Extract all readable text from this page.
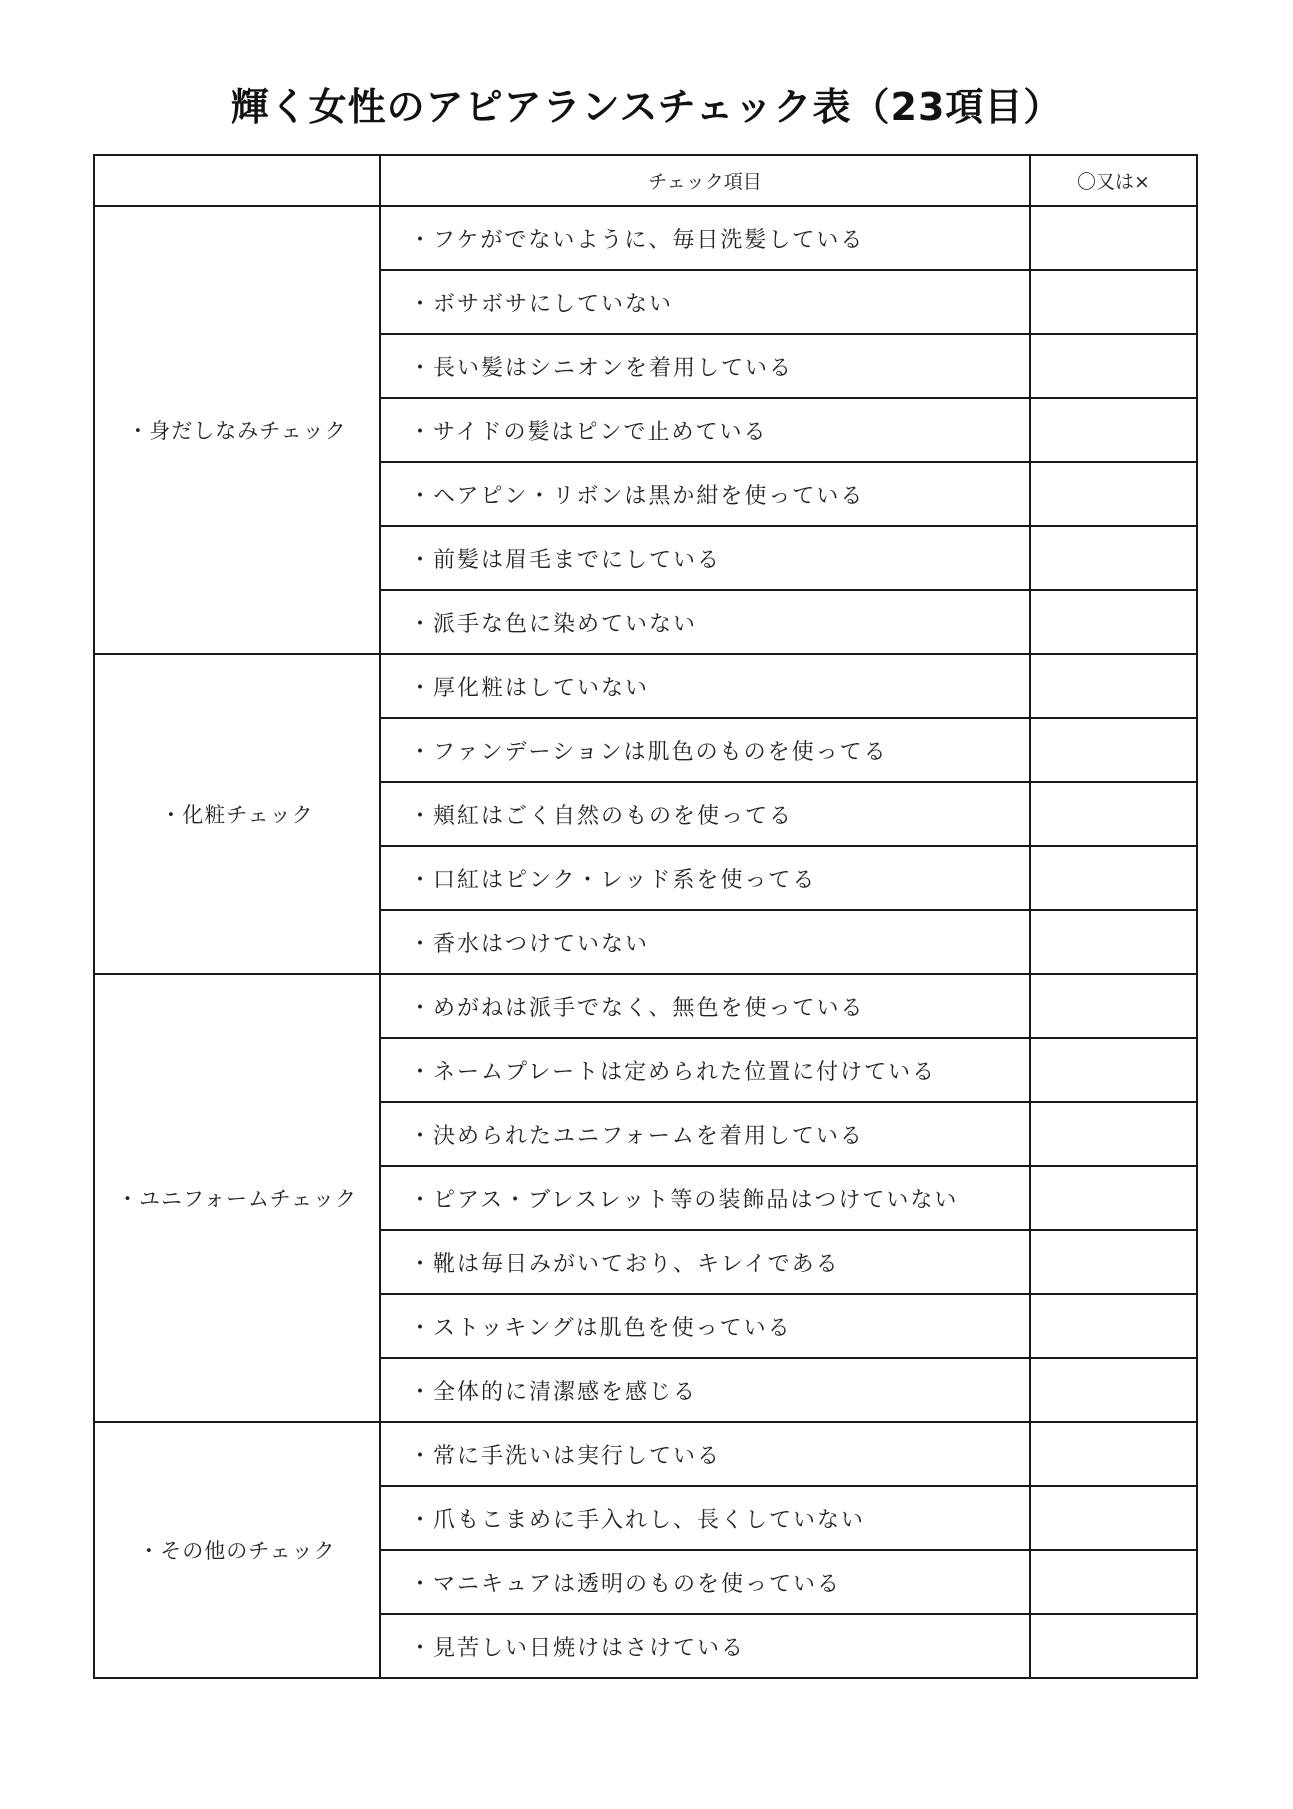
輝く女性のアピアランスチェック表（23項目）
	チェック項目	〇又は×
・身だしなみチェック	・フケがでないように、毎日洗髪している	
	・ボサボサにしていない	
	・長い髪はシニオンを着用している	
	・サイドの髪はピンで止めている	
	・ヘアピン・リボンは黒か紺を使っている	
	・前髪は眉毛までにしている	
	・派手な色に染めていない	
・化粧チェック	・厚化粧はしていない	
	・ファンデーションは肌色のものを使ってる	
	・頬紅はごく自然のものを使ってる	
	・口紅はピンク・レッド系を使ってる	
	・香水はつけていない	
・ユニフォームチェック	・めがねは派手でなく、無色を使っている	
	・ネームプレートは定められた位置に付けている	
	・決められたユニフォームを着用している	
	・ピアス・ブレスレット等の装飾品はつけていない	
	・靴は毎日みがいており、キレイである	
	・ストッキングは肌色を使っている	
	・全体的に清潔感を感じる	
・その他のチェック	・常に手洗いは実行している	
	・爪もこまめに手入れし、長くしていない	
	・マニキュアは透明のものを使っている	
	・見苦しい日焼けはさけている	
